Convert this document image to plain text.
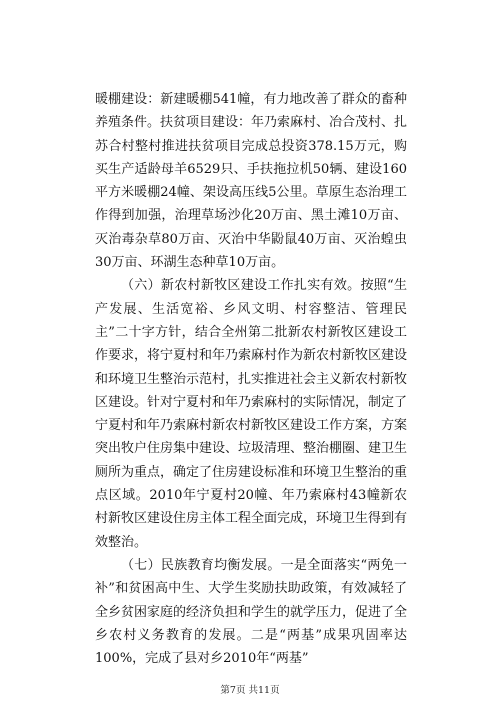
暖棚建设：新建暖棚541幢，有力地改善了群众的畜种养殖条件。扶贫项目建设：年乃索麻村、冶合茂村、扎苏合村整村推进扶贫项目完成总投资378.15万元，购买生产适龄母羊6529只、手扶拖拉机50辆、建设160平方米暖棚24幢、架设高压线5公里。草原生态治理工作得到加强，治理草场沙化20万亩、黑土滩10万亩、灭治毒杂草80万亩、灭治中华鼢鼠40万亩、灭治蝗虫30万亩、环湖生态种草10万亩。

（六）新农村新牧区建设工作扎实有效。按照“生产发展、生活宽裕、乡风文明、村容整洁、管理民主”二十字方针，结合全州第二批新农村新牧区建设工作要求，将宁夏村和年乃索麻村作为新农村新牧区建设和环境卫生整治示范村，扎实推进社会主义新农村新牧区建设。针对宁夏村和年乃索麻村的实际情况，制定了宁夏村和年乃索麻村新农村新牧区建设工作方案，方案突出牧户住房集中建设、垃圾清理、整治棚圈、建卫生厕所为重点，确定了住房建设标准和环境卫生整治的重点区域。2010年宁夏村20幢、年乃索麻村43幢新农村新牧区建设住房主体工程全面完成，环境卫生得到有效整治。

（七）民族教育均衡发展。一是全面落实“两免一补”和贫困高中生、大学生奖励扶助政策，有效减轻了全乡贫困家庭的经济负担和学生的就学压力，促进了全乡农村义务教育的发展。二是“两基”成果巩固率达100%，完成了县对乡2010年“两基”

第7页 共11页
